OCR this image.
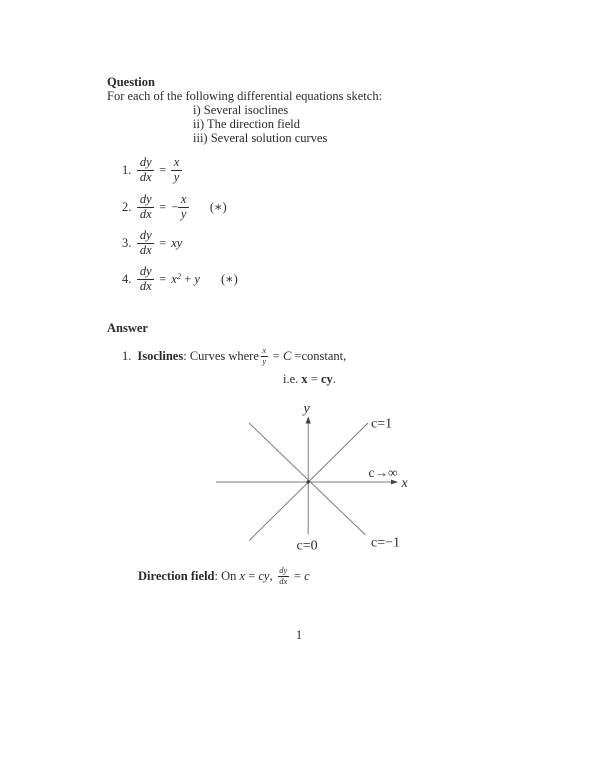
Question
For each of the following differential equations sketch:
i) Several isoclines
ii) The direction field
iii) Several solution curves
1. $\frac{dy}{dx} = \frac{x}{y}$
2. $\frac{dy}{dx}$ = − $\frac{x}{y}$ (∗)
3. $\frac{dy}{dx}$ = xy
4. $\frac{dy}{dx} = x^2 + y$ (∗)
Answer
1. Isoclines : Curves where $\frac{x}{y} = C$ =constant,
i.e. x = cy.
y
x
c=1
c→∞
c=0	c=−1
Direction field : On x = cy , $\frac{dy}{dx} = c$
1
